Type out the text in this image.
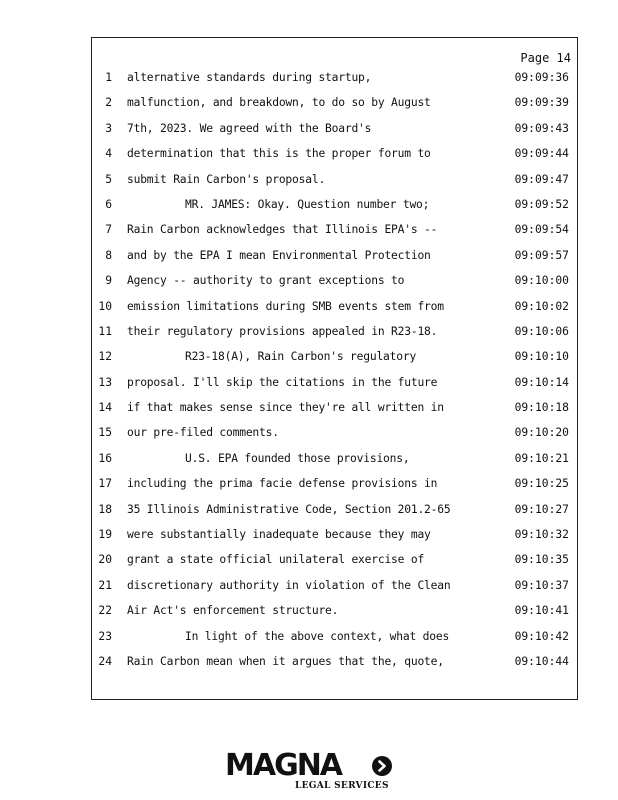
Page 14
1 alternative standards during startup,	09:09:36
2 malfunction, and breakdown, to do so by August	09:09:39
3 7th, 2023. We agreed with the Board's	09:09:43
4 determination that this is the proper forum to	09:09:44
5 submit Rain Carbon's proposal.	09:09:47
6	MR. JAMES: Okay. Question number two;	09:09:52
7 Rain Carbon acknowledges that Illinois EPA's --	09:09:54
8 and by the EPA I mean Environmental Protection	09:09:57
9 Agency -- authority to grant exceptions to	09:10:00
10 emission limitations during SMB events stem from	09:10:02
11 their regulatory provisions appealed in R23-18.	09:10:06
12	R23-18(A), Rain Carbon's regulatory	09:10:10
13 proposal. I'll skip the citations in the future	09:10:14
14 if that makes sense since they're all written in	09:10:18
15 our pre-filed comments.	09:10:20
16	U.S. EPA founded those provisions,	09:10:21
17 including the prima facie defense provisions in	09:10:25
18 35 Illinois Administrative Code, Section 201.2-65	09:10:27
19 were substantially inadequate because they may	09:10:32
20 grant a state official unilateral exercise of	09:10:35
21 discretionary authority in violation of the Clean	09:10:37
22 Air Act's enforcement structure.	09:10:41
23	In light of the above context, what does	09:10:42
24 Rain Carbon mean when it argues that the, quote,	09:10:44
MAGNA
LEGAL SERVICES
